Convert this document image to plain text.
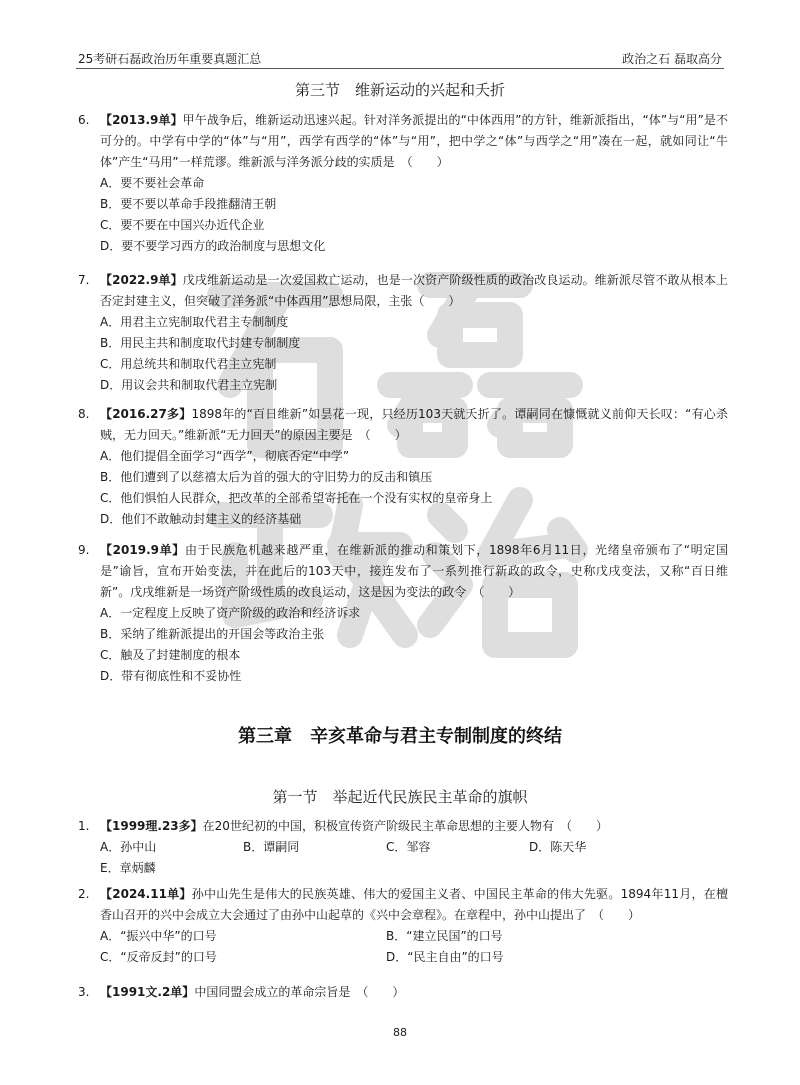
25考研石磊政治历年重要真题汇总	政治之石 磊取高分
第三节　维新运动的兴起和夭折
6. 【2013.9单】甲午战争后，维新运动迅速兴起。针对洋务派提出的“中体西用”的方针，维新派指出，“体”与“用”是不可分的。中学有中学的“体”与“用”，西学有西学的“体”与“用”，把中学之“体”与西学之“用”凑在一起，就如同让“牛体”产生“马用”一样荒谬。维新派与洋务派分歧的实质是　（　　）
A．要不要社会革命
B．要不要以革命手段推翻清王朝
C．要不要在中国兴办近代企业
D．要不要学习西方的政治制度与思想文化
7. 【2022.9单】戊戌维新运动是一次爱国救亡运动，也是一次资产阶级性质的政治改良运动。维新派尽管不敢从根本上否定封建主义，但突破了洋务派“中体西用”思想局限，主张（　　）
A．用君主立宪制取代君主专制制度
B．用民主共和制度取代封建专制制度
C．用总统共和制取代君主立宪制
D．用议会共和制取代君主立宪制
8. 【2016.27多】1898年的“百日维新”如昙花一现，只经历103天就夭折了。谭嗣同在慷慨就义前仰天长叹：“有心杀贼，无力回天。”维新派“无力回天”的原因主要是　（　　）
A．他们提倡全面学习“西学”，彻底否定“中学”
B．他们遭到了以慈禧太后为首的强大的守旧势力的反击和镇压
C．他们惧怕人民群众，把改革的全部希望寄托在一个没有实权的皇帝身上
D．他们不敢触动封建主义的经济基础
9. 【2019.9单】由于民族危机越来越严重，在维新派的推动和策划下，1898年6月11日，光绪皇帝颁布了“明定国是”谕旨，宣布开始变法，并在此后的103天中，接连发布了一系列推行新政的政令，史称戊戌变法，又称“百日维新”。戊戌维新是一场资产阶级性质的改良运动，这是因为变法的政令　（　　）
A．一定程度上反映了资产阶级的政治和经济诉求
B．采纳了维新派提出的开国会等政治主张
C．触及了封建制度的根本
D．带有彻底性和不妥协性
第三章　辛亥革命与君主专制制度的终结
第一节　举起近代民族民主革命的旗帜
1. 【1999理.23多】在20世纪初的中国，积极宣传资产阶级民主革命思想的主要人物有　（　　）
A．孙中山	B．谭嗣同	C．邹容	D．陈天华
E．章炳麟
2. 【2024.11单】孙中山先生是伟大的民族英雄、伟大的爱国主义者、中国民主革命的伟大先驱。1894年11月，在檀香山召开的兴中会成立大会通过了由孙中山起草的《兴中会章程》。在章程中，孙中山提出了　（　　）
A．“振兴中华”的口号	B．“建立民国”的口号
C．“反帝反封”的口号	D．“民主自由”的口号
3. 【1991文.2单】中国同盟会成立的革命宗旨是　（　　）
88
